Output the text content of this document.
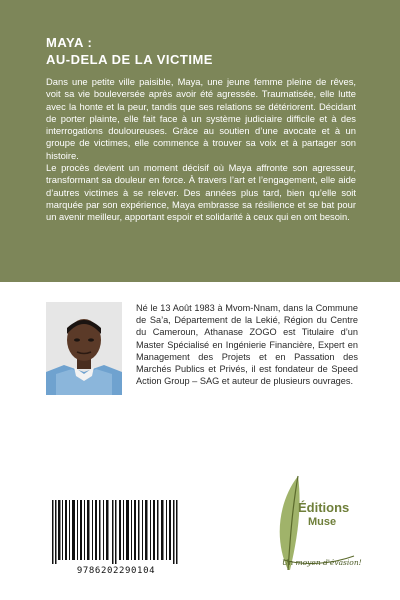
MAYA :
AU-DELA DE LA VICTIME

Dans une petite ville paisible, Maya, une jeune femme pleine de rêves, voit sa vie bouleversée après avoir été agressée. Traumatisée, elle lutte avec la honte et la peur, tandis que ses relations se détériorent. Décidant de porter plainte, elle fait face à un système judiciaire difficile et à des interrogations douloureuses. Grâce au soutien d’une avocate et à un groupe de victimes, elle commence à trouver sa voix et à partager son histoire.

Le procès devient un moment décisif où Maya affronte son agresseur, transformant sa douleur en force. À travers l’art et l’engagement, elle aide d’autres victimes à se relever. Des années plus tard, bien qu’elle soit marquée par son expérience, Maya embrasse sa résilience et se bat pour un avenir meilleur, apportant espoir et solidarité à ceux qui en ont besoin.

Né le 13 Août 1983 à Mvom-Nnam, dans la Commune de Sa’a, Département de la Lekié, Région du Centre du Cameroun, Athanase ZOGO est Titulaire d’un Master Spécialisé en Ingénierie Financière, Expert en Management des Projets et en Passation des Marchés Publics et Privés, il est fondateur de Speed Action Group – SAG et auteur de plusieurs ouvrages.
9786202290104
Éditions
Muse
Un moyen d'évasion!
